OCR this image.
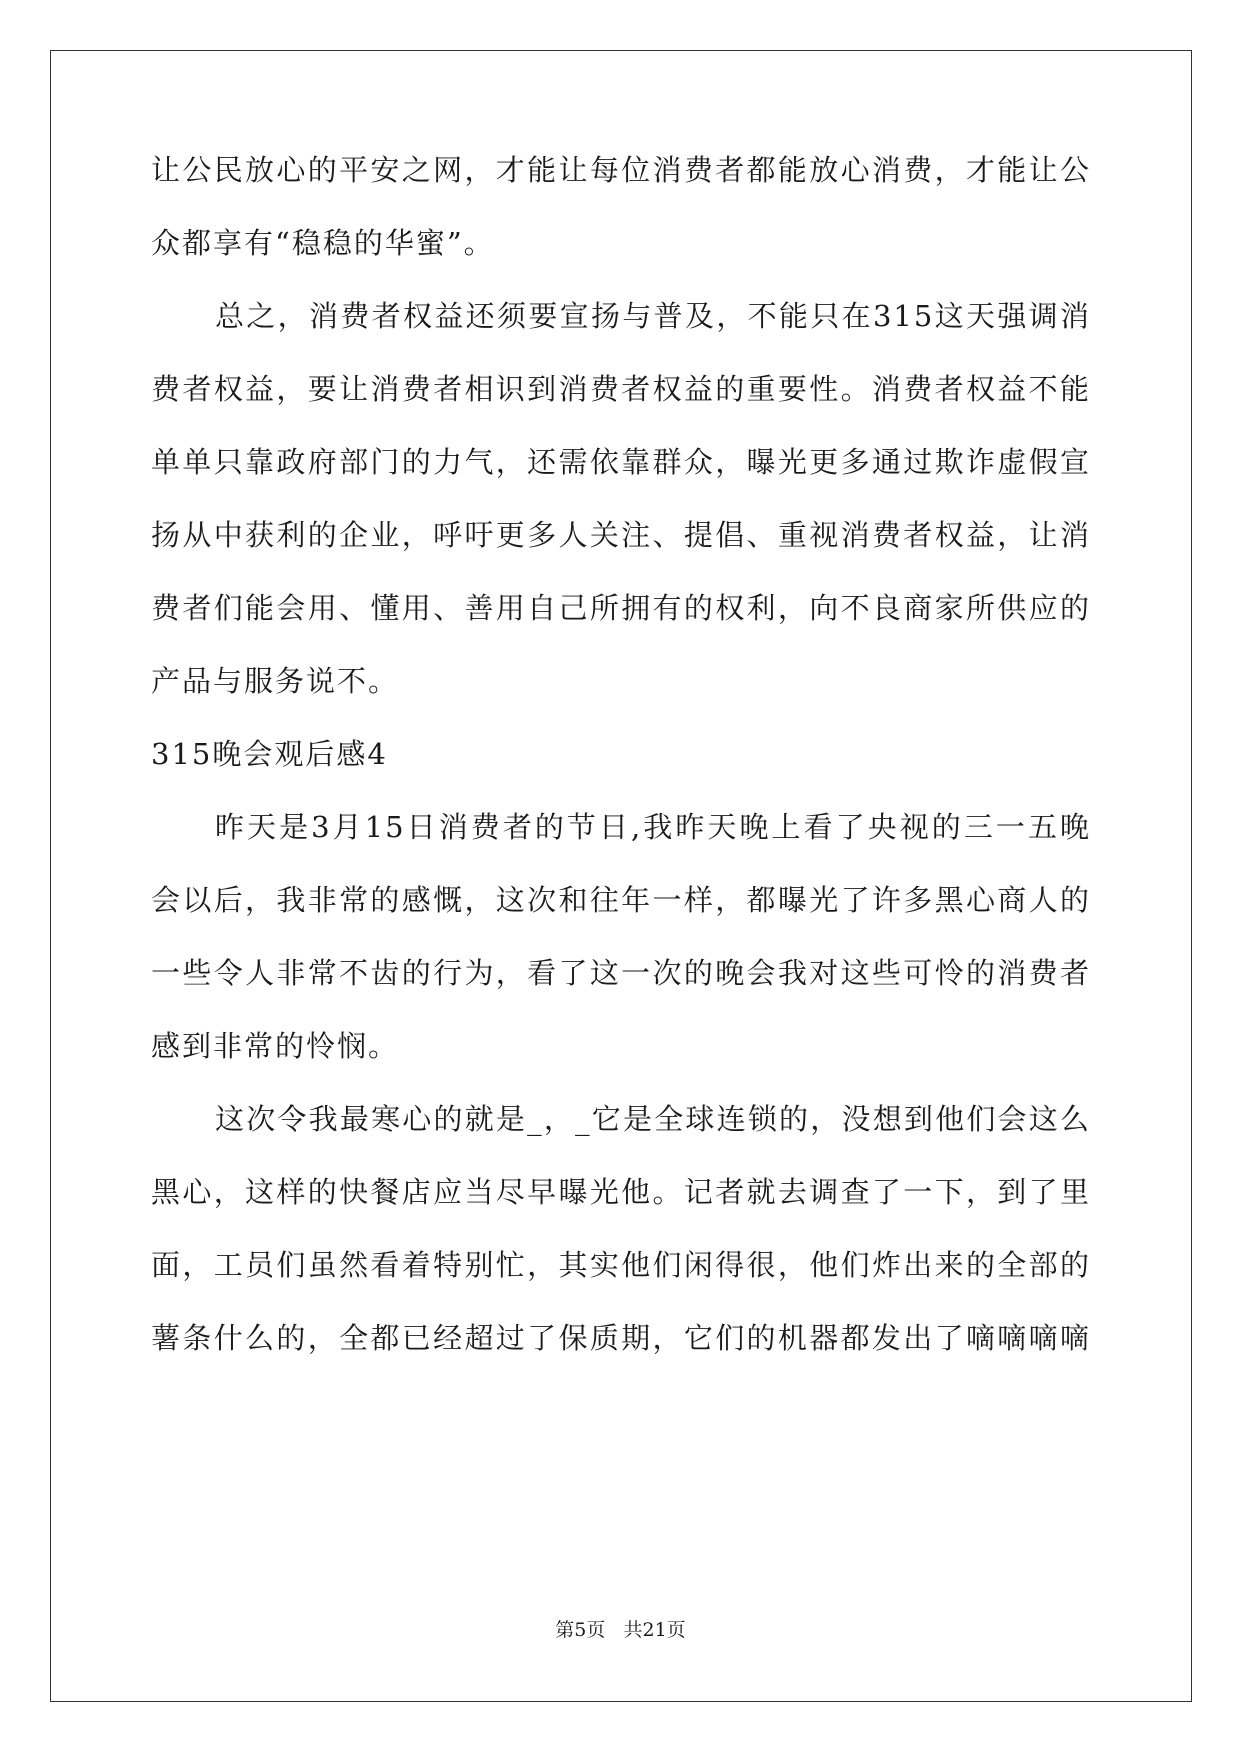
让公民放心的平安之网，才能让每位消费者都能放心消费，才能让公
众都享有“稳稳的华蜜”。
总之，消费者权益还须要宣扬与普及，不能只在315这天强调消
费者权益，要让消费者相识到消费者权益的重要性。消费者权益不能
单单只靠政府部门的力气，还需依靠群众，曝光更多通过欺诈虚假宣
扬从中获利的企业，呼吁更多人关注、提倡、重视消费者权益，让消
费者们能会用、懂用、善用自己所拥有的权利，向不良商家所供应的
产品与服务说不。
315晚会观后感4
昨天是3月15日消费者的节日,我昨天晚上看了央视的三一五晚
会以后，我非常的感慨，这次和往年一样，都曝光了许多黑心商人的
一些令人非常不齿的行为，看了这一次的晚会我对这些可怜的消费者
感到非常的怜悯。
这次令我最寒心的就是_，_它是全球连锁的，没想到他们会这么
黑心，这样的快餐店应当尽早曝光他。记者就去调查了一下，到了里
面，工员们虽然看着特别忙，其实他们闲得很，他们炸出来的全部的
薯条什么的，全都已经超过了保质期，它们的机器都发出了嘀嘀嘀嘀
第5页   共21页
